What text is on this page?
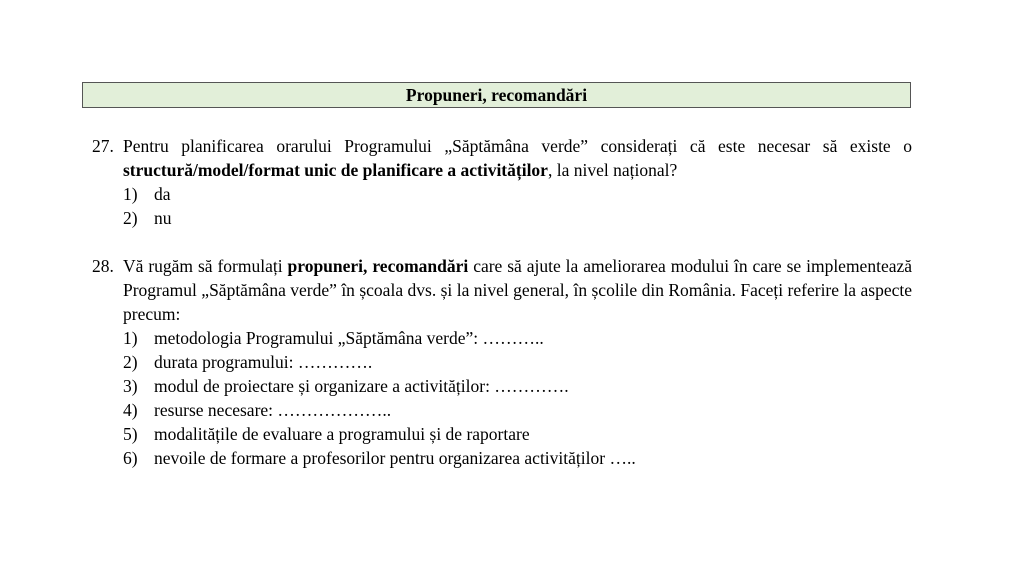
Propuneri, recomandări
27. Pentru planificarea orarului Programului „Săptămâna verde” considerați că este necesar să existe o structură/model/format unic de planificare a activităților, la nivel național?
1) da
2) nu
28. Vă rugăm să formulați propuneri, recomandări care să ajute la ameliorarea modului în care se implementează Programul „Săptămâna verde” în școala dvs. și la nivel general, în școlile din România. Faceți referire la aspecte precum:
1) metodologia Programului „Săptămâna verde”: ………..
2) durata programului: ………….
3) modul de proiectare și organizare a activităților: ………….
4) resurse necesare: ………………..
5) modalitățile de evaluare a programului și de raportare
6) nevoile de formare a profesorilor pentru organizarea activităților …..
